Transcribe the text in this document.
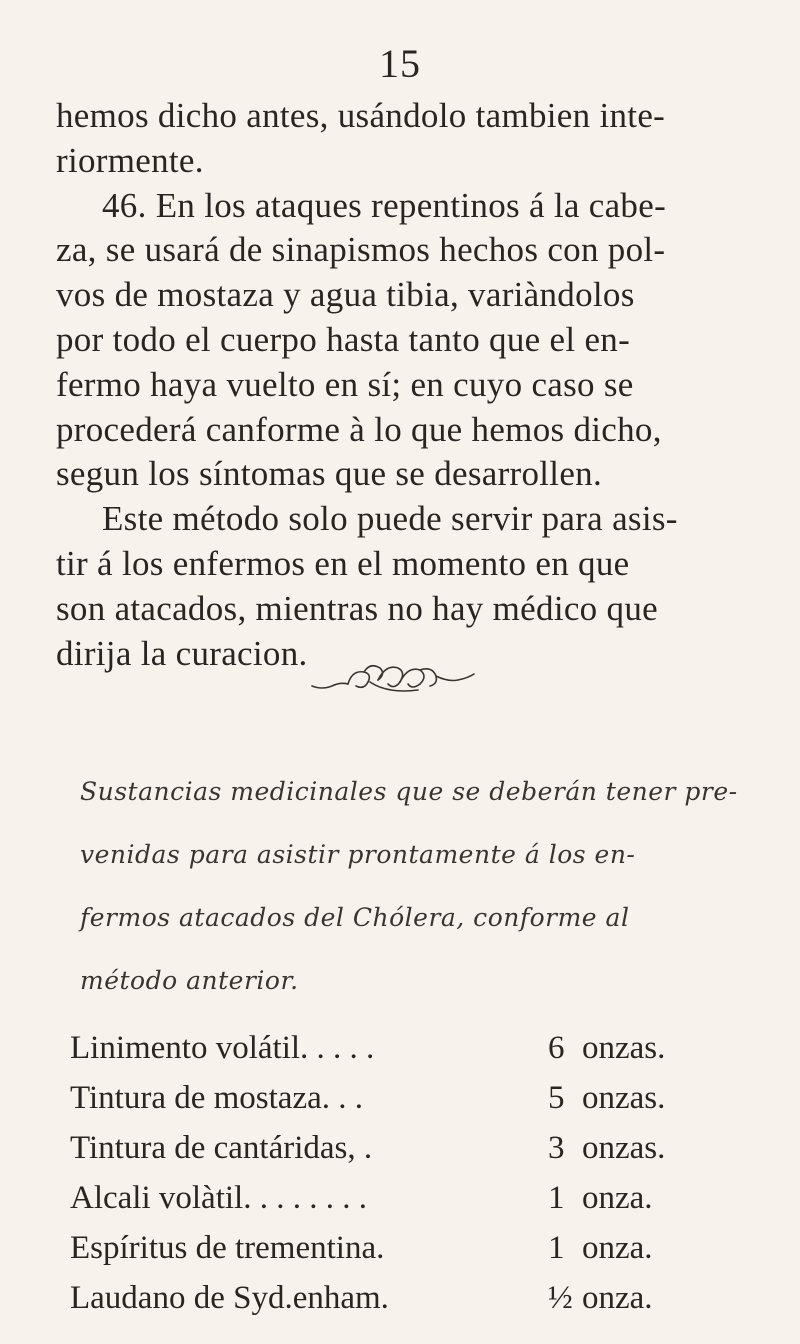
15
hemos dicho antes, usándolo tambien inte-
riormente.
46. En los ataques repentinos á la cabe-
za, se usará de sinapismos hechos con pol-
vos de mostaza y agua tibia, variàndolos
por todo el cuerpo hasta tanto que el en-
fermo haya vuelto en sí; en cuyo caso se
procederá canforme à lo que hemos dicho,
segun los síntomas que se desarrollen.
Este método solo puede servir para asis-
tir á los enfermos en el momento en que
son atacados, mientras no hay médico que
dirija la curacion.
Sustancias medicinales que se deberán tener pre-
venidas para asistir prontamente á los en-
fermos atacados del Chólera, conforme al
método anterior.
Linimento volátil. . . . .	6 onzas.
Tintura de mostaza. . .	5 onzas.
Tintura de cantáridas, .	3 onzas.
Alcali volàtil. . . . . . . .	1 onza.
Espíritus de trementina.	1 onza.
Laudano de Syd.enham.	½ onza.
